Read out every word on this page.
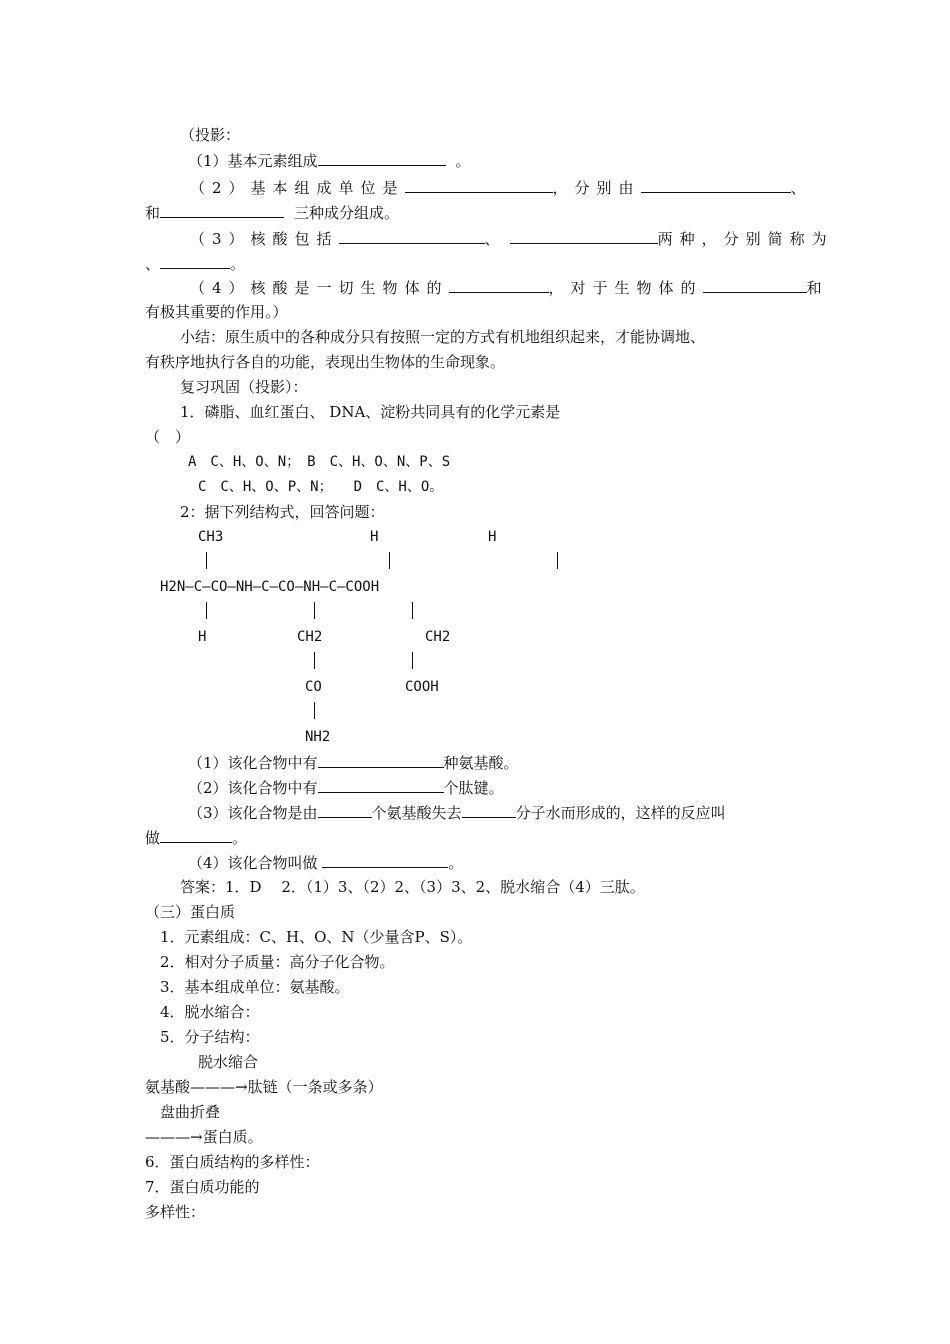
（投影：
（1）基本元素组成	。
（2）基本组成单位是	，分别由	、
和	三种成分组成。
（3）核酸包括	、	两种，分别简称为
、	。
（4）核酸是一切生物体的	，对于生物体的	和
有极其重要的作用。）
小结：原生质中的各种成分只有按照一定的方式有机地组织起来，才能协调地、
有秩序地执行各自的功能，表现出生物体的生命现象。
复习巩固（投影）：
1．磷脂、血红蛋白、 DNA、淀粉共同具有的化学元素是
（　）
A　C、H、O、N；　B　C、H、O、N、P、S
C　C、H、O、P、N；　　D　C、H、O。
2：据下列结构式，回答问题：
CH3	H	H
H2N—C—CO—NH—C—CO—NH—C—COOH
H	CH2	CH2
CO	COOH
NH2
（1）该化合物中有	种氨基酸。
（2）该化合物中有	个肽键。
（3）该化合物是由	个氨基酸失去	分子水而形成的，这样的反应叫
做	。
（4）该化合物叫做	。
答案：1．D　 2．（1）3、（2）2、（3）3、2、脱水缩合（4）三肽。
（三）蛋白质
1．元素组成：C、H、O、N（少量含P、S）。
2．相对分子质量：高分子化合物。
3．基本组成单位：氨基酸。
4．脱水缩合：
5．分子结构：
脱水缩合
氨基酸———→肽链（一条或多条）
盘曲折叠
———→蛋白质。
6．蛋白质结构的多样性：
7．蛋白质功能的
多样性：
